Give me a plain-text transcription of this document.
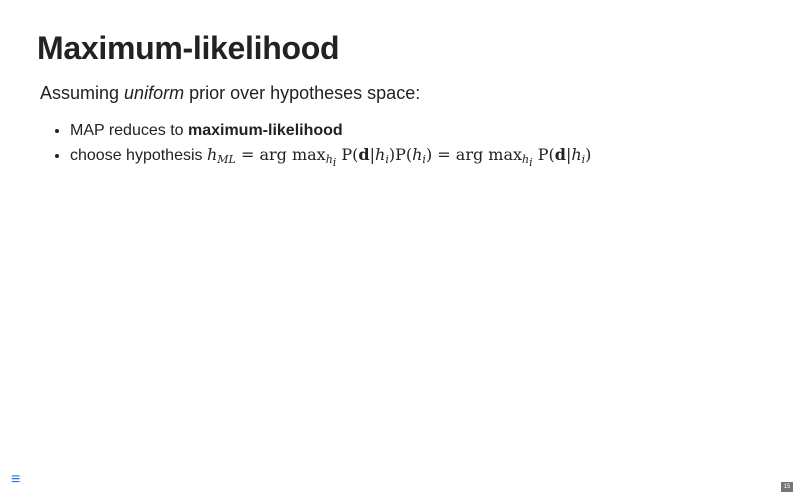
Maximum-likelihood

Assuming uniform prior over hypotheses space:

• MAP reduces to maximum-likelihood
• choose hypothesis $h_{ML}$ = arg $\max_{h_i} P(d|h_i)P(h_i)$ = arg $\max_{h_i} P(d|h_i)$
≡	15
